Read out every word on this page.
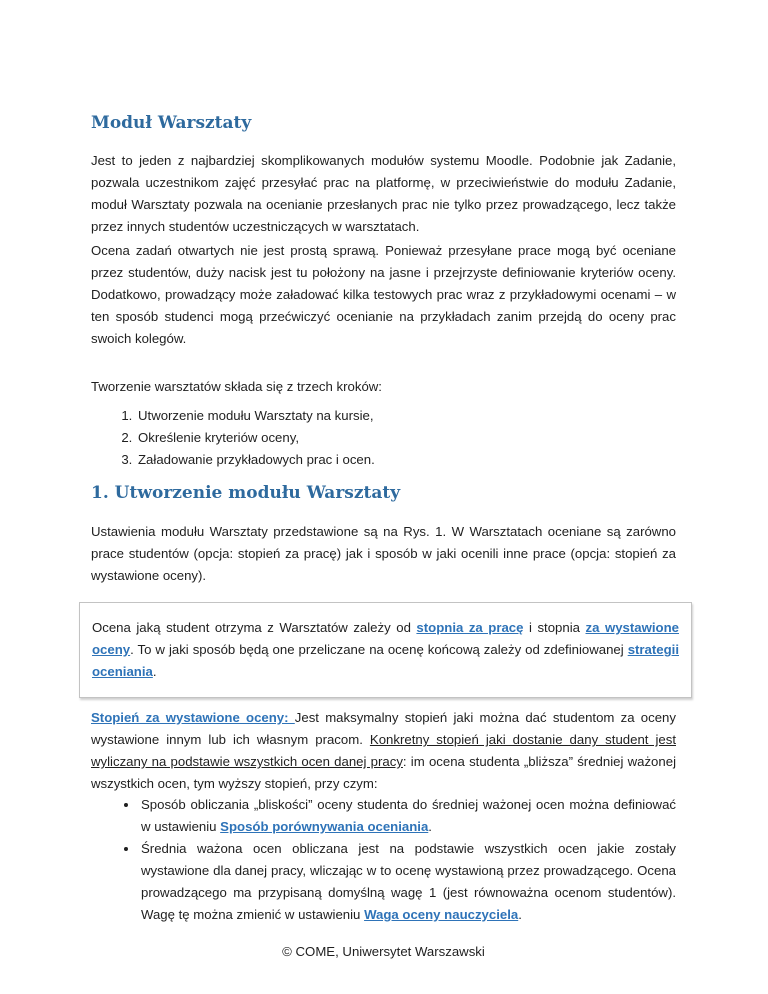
Moduł Warsztaty

Jest to jeden z najbardziej skomplikowanych modułów systemu Moodle. Podobnie jak Zadanie, pozwala uczestnikom zajęć przesyłać prac na platformę, w przeciwieństwie do modułu Zadanie, moduł Warsztaty pozwala na ocenianie przesłanych prac nie tylko przez prowadzącego, lecz także przez innych studentów uczestniczących w warsztatach.

Ocena zadań otwartych nie jest prostą sprawą. Ponieważ przesyłane prace mogą być oceniane przez studentów, duży nacisk jest tu położony na jasne i przejrzyste definiowanie kryteriów oceny. Dodatkowo, prowadzący może załadować kilka testowych prac wraz z przykładowymi ocenami – w ten sposób studenci mogą przećwiczyć ocenianie na przykładach zanim przejdą do oceny prac swoich kolegów.

Tworzenie warsztatów składa się z trzech kroków:

1. Utworzenie modułu Warsztaty na kursie,
2. Określenie kryteriów oceny,
3. Załadowanie przykładowych prac i ocen.
1. Utworzenie modułu Warsztaty

Ustawienia modułu Warsztaty przedstawione są na Rys. 1. W Warsztatach oceniane są zarówno prace studentów (opcja: stopień za pracę) jak i sposób w jaki ocenili inne prace (opcja: stopień za wystawione oceny).

Ocena jaką student otrzyma z Warsztatów zależy od stopnia za pracę i stopnia za wystawione oceny. To w jaki sposób będą one przeliczane na ocenę końcową zależy od zdefiniowanej strategii oceniania.

Stopień za wystawione oceny: Jest maksymalny stopień jaki można dać studentom za oceny wystawione innym lub ich własnym pracom. Konkretny stopień jaki dostanie dany student jest wyliczany na podstawie wszystkich ocen danej pracy: im ocena studenta „bliższa” średniej ważonej wszystkich ocen, tym wyższy stopień, przy czym:

• Sposób obliczania „bliskości” oceny studenta do średniej ważonej ocen można definiować w ustawieniu Sposób porównywania oceniania.
• Średnia ważona ocen obliczana jest na podstawie wszystkich ocen jakie zostały wystawione dla danej pracy, wliczając w to ocenę wystawioną przez prowadzącego. Ocena prowadzącego ma przypisaną domyślną wagę 1 (jest równoważna ocenom studentów). Wagę tę można zmienić w ustawieniu Waga oceny nauczyciela.
© COME, Uniwersytet Warszawski
